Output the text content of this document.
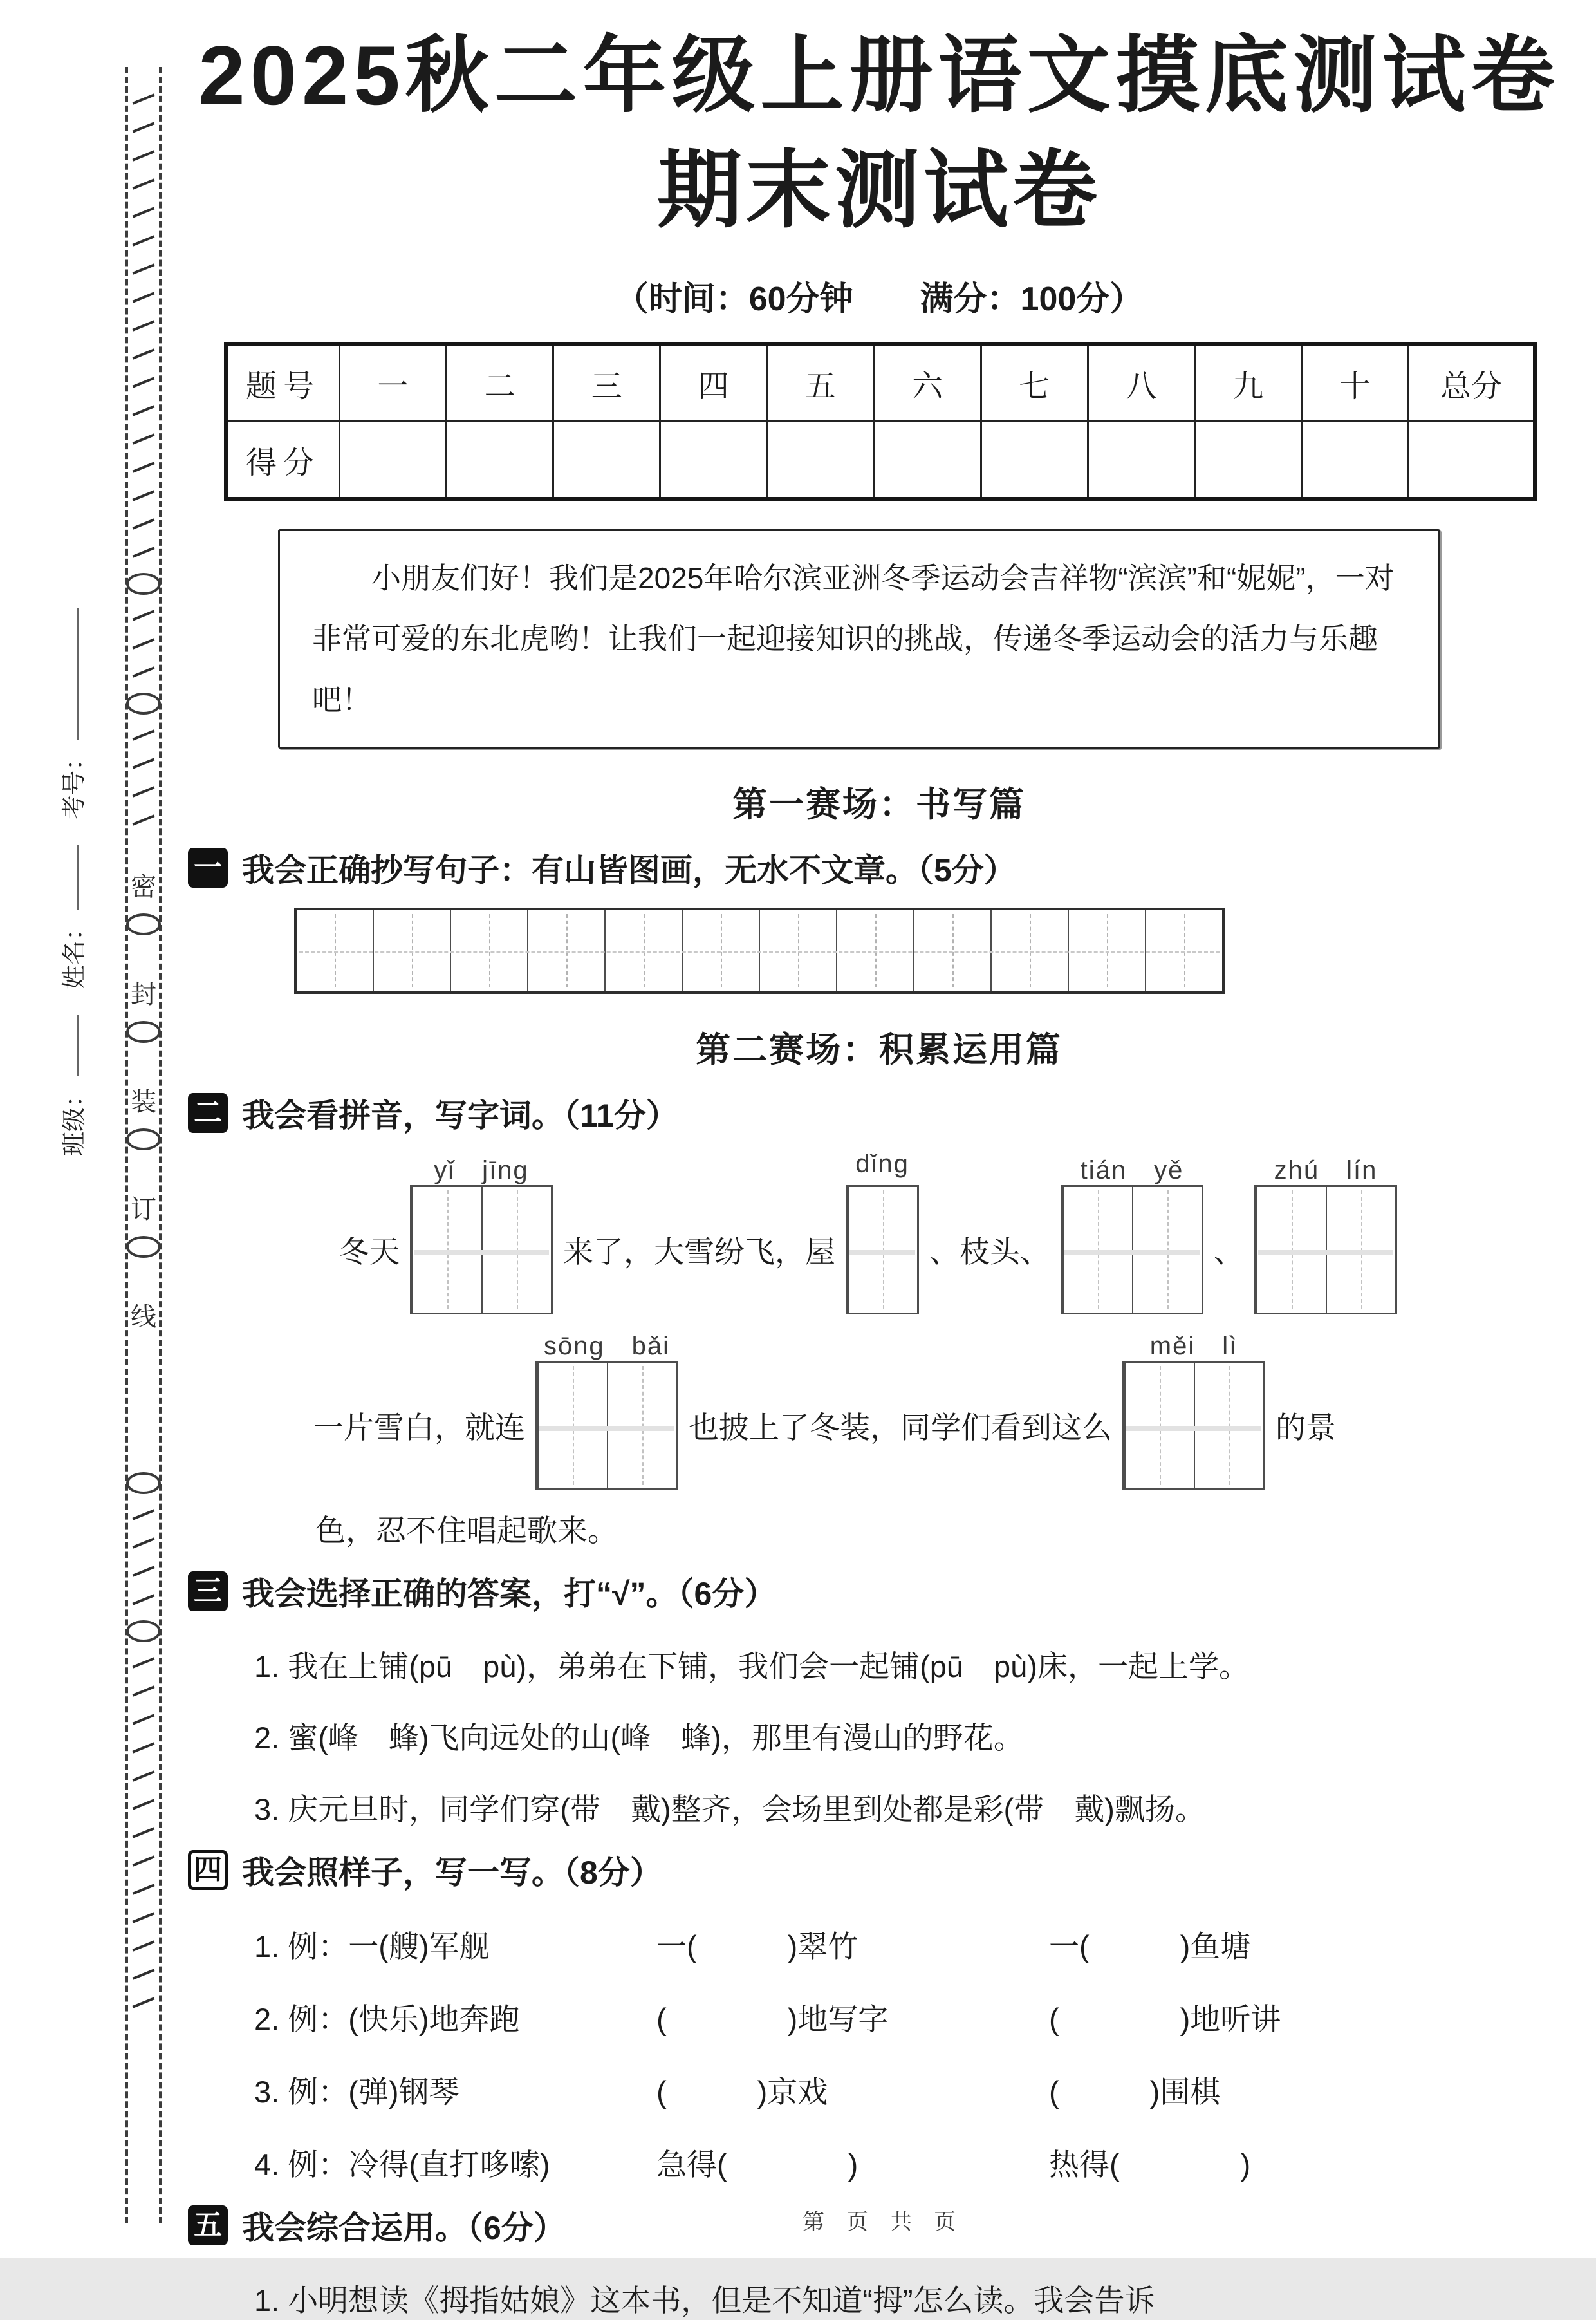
班级：姓名：考号：
密
封
装
订
线
2025秋二年级上册语文摸底测试卷
期末测试卷
（时间：60分钟　　满分：100分）
题号	一	二	三	四	五	六	七	八	九	十	总分
得分											
小朋友们好！我们是2025年哈尔滨亚洲冬季运动会吉祥物“滨滨”和“妮妮”，一对非常可爱的东北虎哟！让我们一起迎接知识的挑战，传递冬季运动会的活力与乐趣吧！
第一赛场：书写篇
一 我会正确抄写句子：有山皆图画，无水不文章。（5分）
第二赛场：积累运用篇
二 我会看拼音，写字词。（11分）
冬天
yǐ　jīng
来了，大雪纷飞，屋
dǐng
、枝头、
tián　yě
、
zhú　lín
一片雪白，就连
sōng　bǎi
也披上了冬装，同学们看到这么
měi　lì
的景
色，忍不住唱起歌来。
三 我会选择正确的答案，打“√”。（6分）
1. 我在上铺(pū　pù)，弟弟在下铺，我们会一起铺(pū　pù)床，一起上学。
2. 蜜(峰　蜂)飞向远处的山(峰　蜂)，那里有漫山的野花。
3. 庆元旦时，同学们穿(带　戴)整齐，会场里到处都是彩(带　戴)飘扬。
四 我会照样子，写一写。（8分）
1. 例：一(艘)军舰	一(　　　)翠竹	一(　　　)鱼塘
2. 例：(快乐)地奔跑	(　　　　)地写字	(　　　　)地听讲
3. 例：(弹)钢琴	(　　　)京戏	(　　　)围棋
4. 例：冷得(直打哆嗦)	急得(　　　　)	热得(　　　　)
五 我会综合运用。（6分）
1. 小明想读《拇指姑娘》这本书，但是不知道“拇”怎么读。我会告诉
第　页　共　页
